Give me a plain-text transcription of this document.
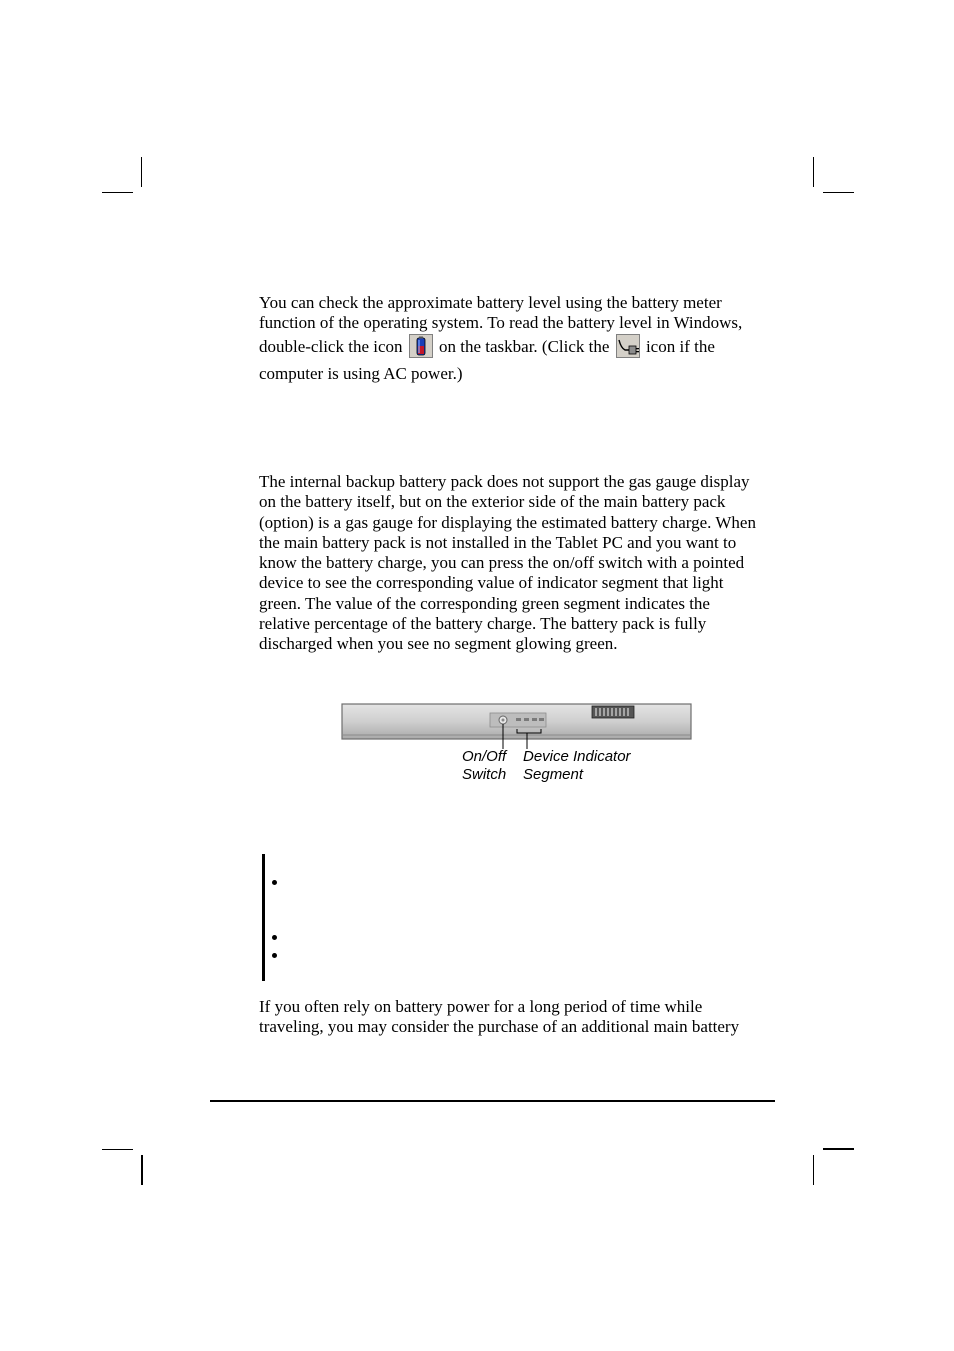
You can check the approximate battery level using the battery meter
function of the operating system. To read the battery level in Windows,
double-click the icon on the taskbar. (Click the icon if the
computer is using AC power.)
The internal backup battery pack does not support the gas gauge display
on the battery itself, but on the exterior side of the main battery pack
(option) is a gas gauge for displaying the estimated battery charge. When
the main battery pack is not installed in the Tablet PC and you want to
know the battery charge, you can press the on/off switch with a pointed
device to see the corresponding value of indicator segment that light
green. The value of the corresponding green segment indicates the
relative percentage of the battery charge. The battery pack is fully
discharged when you see no segment glowing green.
On/Off
Switch
Device Indicator
Segment
If you often rely on battery power for a long period of time while
traveling, you may consider the purchase of an additional main battery
